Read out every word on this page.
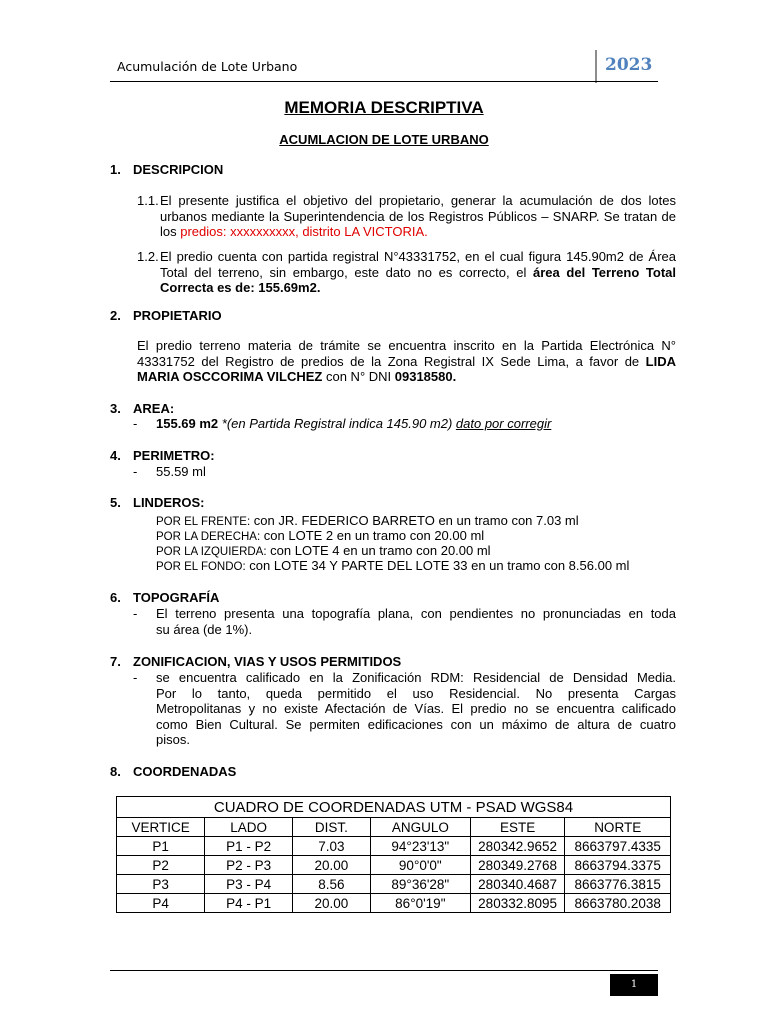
Acumulación de Lote Urbano	2023
MEMORIA DESCRIPTIVA
ACUMLACION DE LOTE URBANO
1. DESCRIPCION
1.1. El presente justifica el objetivo del propietario, generar la acumulación de dos lotes
urbanos mediante la Superintendencia de los Registros Públicos – SNARP. Se tratan de
los predios: xxxxxxxxxx, distrito LA VICTORIA.
1.2. El predio cuenta con partida registral N°43331752, en el cual figura 145.90m2 de Área
Total del terreno, sin embargo, este dato no es correcto, el área del Terreno Total
Correcta es de: 155.69m2.
2. PROPIETARIO
El predio terreno materia de trámite se encuentra inscrito en la Partida Electrónica N°
43331752 del Registro de predios de la Zona Registral IX Sede Lima, a favor de LIDA
MARIA OSCCORIMA VILCHEZ con N° DNI 09318580.
3. AREA:
- 155.69 m2 *(en Partida Registral indica 145.90 m2) dato por corregir
4. PERIMETRO:
- 55.59 ml
5. LINDEROS:
POR EL FRENTE: con JR. FEDERICO BARRETO en un tramo con 7.03 ml
POR LA DERECHA: con LOTE 2 en un tramo con 20.00 ml
POR LA IZQUIERDA: con LOTE 4 en un tramo con 20.00 ml
POR EL FONDO: con LOTE 34 Y PARTE DEL LOTE 33 en un tramo con 8.56.00 ml
6. TOPOGRAFÍA
- El terreno presenta una topografía plana, con pendientes no pronunciadas en toda
su área (de 1%).
7. ZONIFICACION, VIAS Y USOS PERMITIDOS
- se encuentra calificado en la Zonificación RDM: Residencial de Densidad Media.
Por lo tanto, queda permitido el uso Residencial. No presenta Cargas
Metropolitanas y no existe Afectación de Vías. El predio no se encuentra calificado
como Bien Cultural. Se permiten edificaciones con un máximo de altura de cuatro
pisos.
8. COORDENADAS
CUADRO DE COORDENADAS UTM - PSAD WGS84					
VERTICE	LADO	DIST.	ANGULO	ESTE	NORTE
P1	P1 - P2	7.03	94°23'13"	280342.9652	8663797.4335
P2	P2 - P3	20.00	90°0'0"	280349.2768	8663794.3375
P3	P3 - P4	8.56	89°36'28"	280340.4687	8663776.3815
P4	P4 - P1	20.00	86°0'19"	280332.8095	8663780.2038
1
